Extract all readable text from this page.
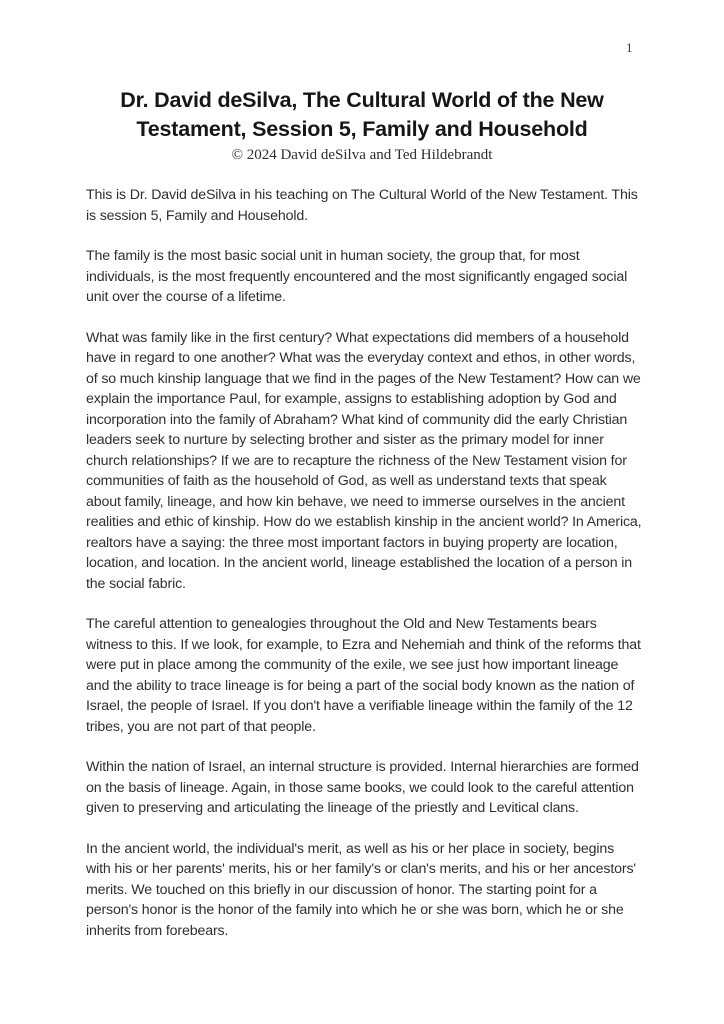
1
Dr. David deSilva, The Cultural World of the New
Testament, Session 5, Family and Household
© 2024 David deSilva and Ted Hildebrandt

This is Dr. David deSilva in his teaching on The Cultural World of the New Testament. This is session 5, Family and Household.

The family is the most basic social unit in human society, the group that, for most individuals, is the most frequently encountered and the most significantly engaged social unit over the course of a lifetime.

What was family like in the first century? What expectations did members of a household have in regard to one another? What was the everyday context and ethos, in other words, of so much kinship language that we find in the pages of the New Testament? How can we explain the importance Paul, for example, assigns to establishing adoption by God and incorporation into the family of Abraham? What kind of community did the early Christian leaders seek to nurture by selecting brother and sister as the primary model for inner church relationships? If we are to recapture the richness of the New Testament vision for communities of faith as the household of God, as well as understand texts that speak about family, lineage, and how kin behave, we need to immerse ourselves in the ancient realities and ethic of kinship. How do we establish kinship in the ancient world? In America, realtors have a saying: the three most important factors in buying property are location, location, and location. In the ancient world, lineage established the location of a person in the social fabric.

The careful attention to genealogies throughout the Old and New Testaments bears witness to this. If we look, for example, to Ezra and Nehemiah and think of the reforms that were put in place among the community of the exile, we see just how important lineage and the ability to trace lineage is for being a part of the social body known as the nation of Israel, the people of Israel. If you don't have a verifiable lineage within the family of the 12 tribes, you are not part of that people.

Within the nation of Israel, an internal structure is provided. Internal hierarchies are formed on the basis of lineage. Again, in those same books, we could look to the careful attention given to preserving and articulating the lineage of the priestly and Levitical clans.

In the ancient world, the individual's merit, as well as his or her place in society, begins with his or her parents' merits, his or her family's or clan's merits, and his or her ancestors' merits. We touched on this briefly in our discussion of honor. The starting point for a person's honor is the honor of the family into which he or she was born, which he or she inherits from forebears.
